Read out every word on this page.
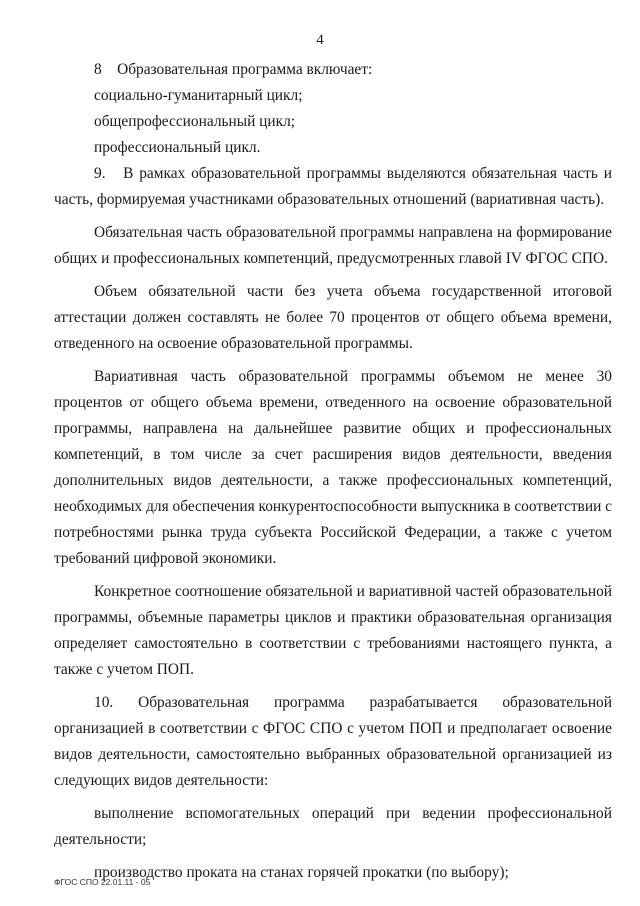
4

8    Образовательная программа включает:

социально-гуманитарный цикл;

общепрофессиональный цикл;

профессиональный цикл.

9.   В рамках образовательной программы выделяются обязательная часть и часть, формируемая участниками образовательных отношений (вариативная часть).

Обязательная часть образовательной программы направлена на формирование общих и профессиональных компетенций, предусмотренных главой IV ФГОС СПО.

Объем обязательной части без учета объема государственной итоговой аттестации должен составлять не более 70 процентов от общего объема времени, отведенного на освоение образовательной программы.

Вариативная часть образовательной программы объемом не менее 30 процентов от общего объема времени, отведенного на освоение образовательной программы, направлена на дальнейшее развитие общих и профессиональных компетенций, в том числе за счет расширения видов деятельности, введения дополнительных видов деятельности, а также профессиональных компетенций, необходимых для обеспечения конкурентоспособности выпускника в соответствии с потребностями рынка труда субъекта Российской Федерации, а также с учетом требований цифровой экономики.

Конкретное соотношение обязательной и вариативной частей образовательной программы, объемные параметры циклов и практики образовательная организация определяет самостоятельно в соответствии с требованиями настоящего пункта, а также с учетом ПОП.

10. Образовательная программа разрабатывается образовательной организацией в соответствии с ФГОС СПО с учетом ПОП и предполагает освоение видов деятельности, самостоятельно выбранных образовательной организацией из следующих видов деятельности:

выполнение вспомогательных операций при ведении профессиональной деятельности;

производство проката на станах горячей прокатки (по выбору);

ФГОС СПО 22.01.11 - 05
